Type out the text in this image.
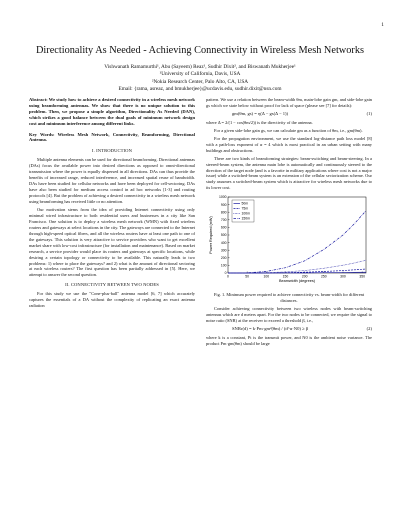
1
Directionality As Needed - Achieving Connectivity in Wireless Mesh Networks
Vishwanath Ramamurthi¹, Abu (Sayeem) Reaz¹, Sudhir Dixit², and Biswanath Mukherjee¹
¹University of California, Davis, USA
²Nokia Research Center, Palo Alto, CA, USA
Email: {rama, asreaz, and bmukherjee}@ucdavis.edu, sudhir.dixit@nsn.com
Abstract: We study how to achieve a desired connectivity in a wireless mesh network using beamforming antennas. We show that there is no unique solution to this problem. Then, we propose a simple algorithm, Directionality As Needed (DAN), which strikes a good balance between the dual goals of minimum network design cost and minimum interference among different links.
Key Words: Wireless Mesh Network, Connectivity, Beamforming, Directional Antenna.
I. INTRODUCTION

Multiple antenna elements can be used for directional beamforming. Directional antennas (DAs) focus the available power into desired directions as opposed to omni-directional transmission where the power is equally dispersed in all directions. DAs can thus provide the benefits of increased range, reduced interference, and increased spatial reuse of bandwidth. DAs have been studied for cellular networks and have been deployed for cell-sectoring. DAs have also been studied for medium access control in ad hoc networks [1-3] and routing protocols [4]. But the problem of achieving a desired connectivity in a wireless mesh network using beamforming has received little or no attention.

Our motivation stems from the idea of providing Internet connectivity using only minimal wired infrastructure to both residential users and businesses in a city like San Francisco. One solution is to deploy a wireless mesh network (WMN) with fixed wireless routers and gateways at select locations in the city. The gateways are connected to the Internet through high-speed optical fibers, and all the wireless routers have at least one path to one of the gateways. This solution is very attractive to service providers who want to get excellent market share with low-cost infrastructure (for installation and maintenance). Based on market research, a service provider would place its routers and gateways at specific locations, while desiring a certain topology or connectivity to be available. This naturally leads to two problems: 1) where to place the gateways? and 2) what is the amount of directional sectoring at each wireless routers? The first question has been partially addressed in [5]. Here, we attempt to answer the second question.

II. CONNECTIVITY BETWEEN TWO NODES

For this study we use the "Cone-plus-ball" antenna model [6, 7] which accurately captures the essentials of a DA without the complexity of replicating an exact antenna radiation

pattern. We use a relation between the beam-width θm, main-lobe gain gm, and side-lobe gain gs which we state below without proof for lack of space (please see [7] for details):

gm(θm, gs) = η(Δ − gs(Δ − 1))	(1)

where Δ = 2/(1 − cos(θm/2)) is the directivity of the antenna.

For a given side-lobe gain gs, we can calculate gm as a function of θm, i.e., gm(θm).

For the propagation environment, we use the standard log-distance path loss model [8] with a path-loss exponent of α = 4 which is most practical in an urban setting with many buildings and obstructions.

There are two kinds of beamforming strategies: beam-switching and beam-steering. In a steered-beam system, the antenna main lobe is automatically and continuously steered to the direction of the target node (and is a favorite in military applications where cost is not a major issue) while a switched-beam system is an extension of the cellular sectorization scheme. Our study assumes a switched-beam system which is attractive for wireless mesh networks due to its lower cost.

0	50	100	150	200	250	300	350
0
100
200
300
400
500
600
700
800
900
1000
Beamwidth (degrees)
Power Required (mW)
50m
75m
100m
150m
Fig. 1. Minimum power required to achieve connectivity vs. beam-width for different distances.

Consider achieving connectivity between two wireless nodes with beam-switching antennas which are d meters apart. For the two nodes to be connected, we require the signal to noise ratio (SNR) at the receiver to exceed a threshold β, i.e.,

SNRr(d) = k·Pm·gm²(θm) / (d^α·N0) ≥ β	(2)

where k is a constant, Pt is the transmit power, and N0 is the ambient noise variance. The product Pm·gm(θm) should be large
